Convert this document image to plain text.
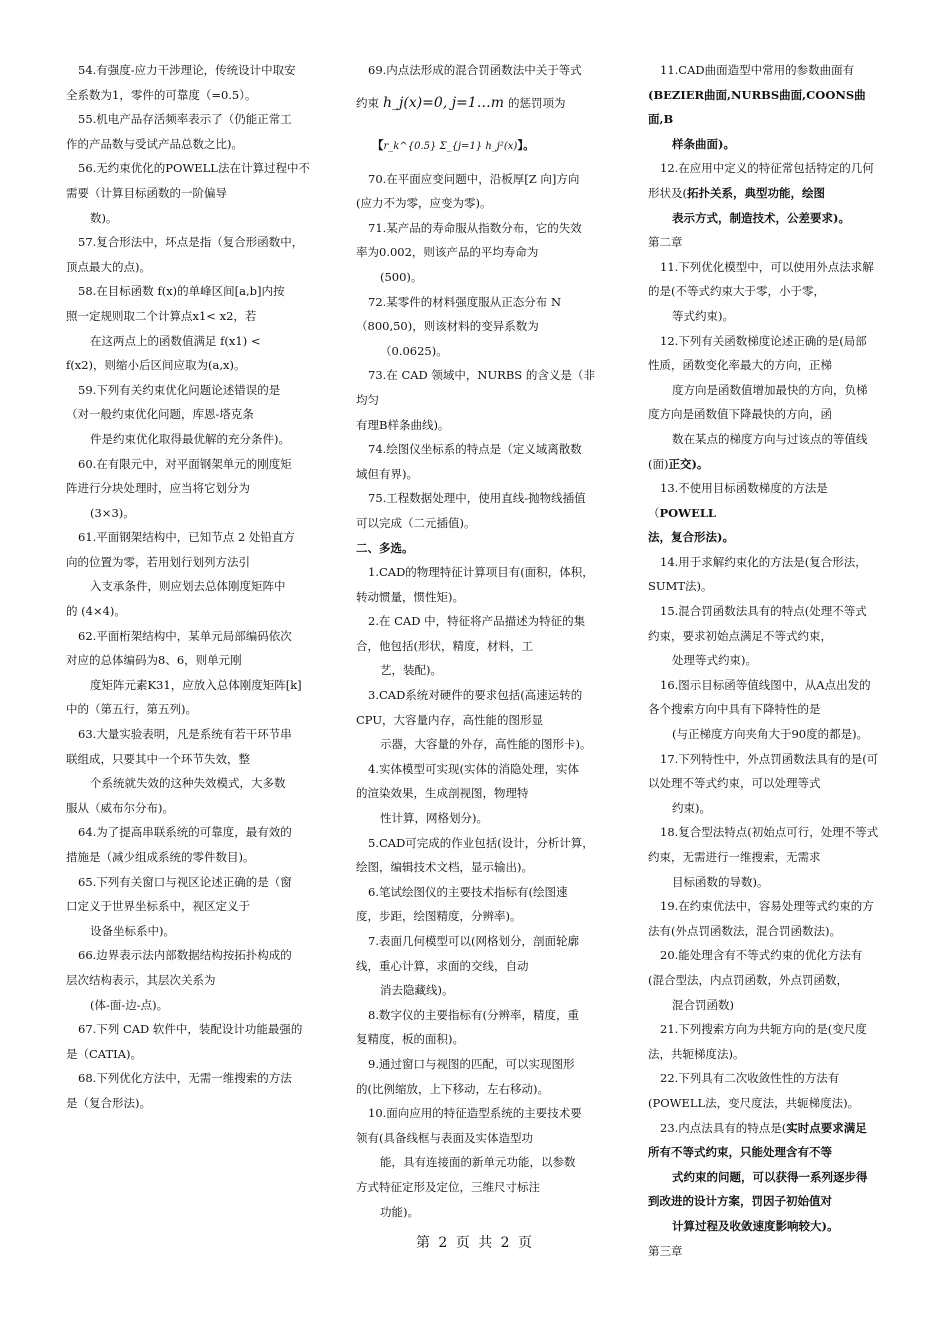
54.有强度-应力干涉理论，传统设计中取安

全系数为1，零件的可靠度（=0.5）。

55.机电产品存活频率表示了（仍能正常工

作的产品数与受试产品总数之比)。

56.无约束优化的POWELL法在计算过程中不

需要（计算目标函数的一阶偏导

数)。

57.复合形法中，坏点是指（复合形函数中，

顶点最大的点)。

58.在目标函数 f(x)的单峰区间[a,b]内按

照一定规则取二个计算点x1< x2，若

在这两点上的函数值满足 f(x1) <

f(x2)，则缩小后区间应取为(a,x)。

59.下列有关约束优化问题论述错误的是

（对一般约束优化问题，库恩-塔克条

件是约束优化取得最优解的充分条件)。

60.在有限元中，对平面钢架单元的刚度矩

阵进行分块处理时，应当将它划分为

(3×3)。

61.平面钢架结构中，已知节点 2 处铅直方

向的位置为零，若用划行划列方法引

入支承条件，则应划去总体刚度矩阵中

的 (4×4)。

62.平面桁架结构中，某单元局部编码依次

对应的总体编码为8、6，则单元刚

度矩阵元素K31，应放入总体刚度矩阵[k]

中的（第五行，第五列)。

63.大量实验表明，凡是系统有若干环节串

联组成，只要其中一个环节失效，整

个系统就失效的这种失效模式，大多数

服从（威布尔分布)。

64.为了提高串联系统的可靠度，最有效的

措施是（减少组成系统的零件数目)。

65.下列有关窗口与视区论述正确的是（窗

口定义于世界坐标系中，视区定义于

设备坐标系中)。

66.边界表示法内部数据结构按拓扑构成的

层次结构表示，其层次关系为

(体-面-边-点)。

67.下列 CAD 软件中，装配设计功能最强的

是（CATIA)。

68.下列优化方法中，无需一维搜索的方法

是（复合形法)。

69.内点法形成的混合罚函数法中关于等式

约束 h_j(x)=0, j=1…m 的惩罚项为

【r_k^{0.5} Σ_{j=1} h_j²(x)】。

70.在平面应变问题中，沿板厚[Z 向]方向

(应力不为零，应变为零)。

71.某产品的寿命服从指数分布，它的失效

率为0.002，则该产品的平均寿命为

(500)。

72.某零件的材料强度服从正态分布 N

（800,50)，则该材料的变异系数为

（0.0625)。

73.在 CAD 领域中，NURBS 的含义是（非均匀

有理B样条曲线)。

74.绘图仪坐标系的特点是（定义域离散数

域但有界)。

75.工程数据处理中，使用直线-抛物线插值

可以完成（二元插值)。

二、多选。

1.CAD的物理特征计算项目有(面积，体积，

转动惯量，惯性矩)。

2.在 CAD 中，特征将产品描述为特征的集

合，他包括(形状，精度，材料，工

艺，装配)。

3.CAD系统对硬件的要求包括(高速运转的

CPU，大容量内存，高性能的图形显

示器，大容量的外存，高性能的图形卡)。

4.实体模型可实现(实体的消隐处理，实体

的渲染效果，生成剖视图，物理特

性计算，网格划分)。

5.CAD可完成的作业包括(设计，分析计算，

绘图，编辑技术文档，显示输出)。

6.笔试绘图仪的主要技术指标有(绘图速

度，步距，绘图精度，分辨率)。

7.表面几何模型可以(网格划分，剖面轮廓

线，重心计算，求面的交线，自动

消去隐藏线)。

8.数字仪的主要指标有(分辨率，精度，重

复精度，板的面积)。

9.通过窗口与视图的匹配，可以实现图形

的(比例缩放，上下移动，左右移动)。

10.面向应用的特征造型系统的主要技术要

领有(具备线框与表面及实体造型功

能，具有连接面的新单元功能，以参数

方式特征定形及定位，三维尺寸标注

功能)。

11.CAD曲面造型中常用的参数曲面有

(BEZIER曲面,NURBS曲面,COONS曲面,B

样条曲面)。

12.在应用中定义的特征常包括特定的几何

形状及(拓扑关系，典型功能，绘图

表示方式，制造技术，公差要求)。

第二章

11.下列优化模型中，可以使用外点法求解

的是(不等式约束大于零，小于零，

等式约束)。

12.下列有关函数梯度论述正确的是(局部

性质，函数变化率最大的方向，正梯

度方向是函数值增加最快的方向，负梯

度方向是函数值下降最快的方向，函

数在某点的梯度方向与过该点的等值线

(面)正交)。

13.不使用目标函数梯度的方法是（POWELL

法，复合形法)。

14.用于求解约束化的方法是(复合形法，

SUMT法)。

15.混合罚函数法具有的特点(处理不等式

约束，要求初始点满足不等式约束，

处理等式约束)。

16.图示目标函等值线图中，从A点出发的

各个搜索方向中具有下降特性的是

(与正梯度方向夹角大于90度的都是)。

17.下列特性中，外点罚函数法具有的是(可

以处理不等式约束，可以处理等式

约束)。

18.复合型法特点(初始点可行，处理不等式

约束，无需进行一维搜索，无需求

目标函数的导数)。

19.在约束优法中，容易处理等式约束的方

法有(外点罚函数法，混合罚函数法)。

20.能处理含有不等式约束的优化方法有

(混合型法，内点罚函数，外点罚函数，

混合罚函数)

21.下列搜索方向为共轭方向的是(变尺度

法，共轭梯度法)。

22.下列具有二次收敛性性的方法有

(POWELL法，变尺度法，共轭梯度法)。

23.内点法具有的特点是(实时点要求满足

所有不等式约束，只能处理含有不等

式约束的问题，可以获得一系列逐步得

到改进的设计方案，罚因子初始值对

计算过程及收敛速度影响较大)。

第三章

第 2 页 共 2 页
